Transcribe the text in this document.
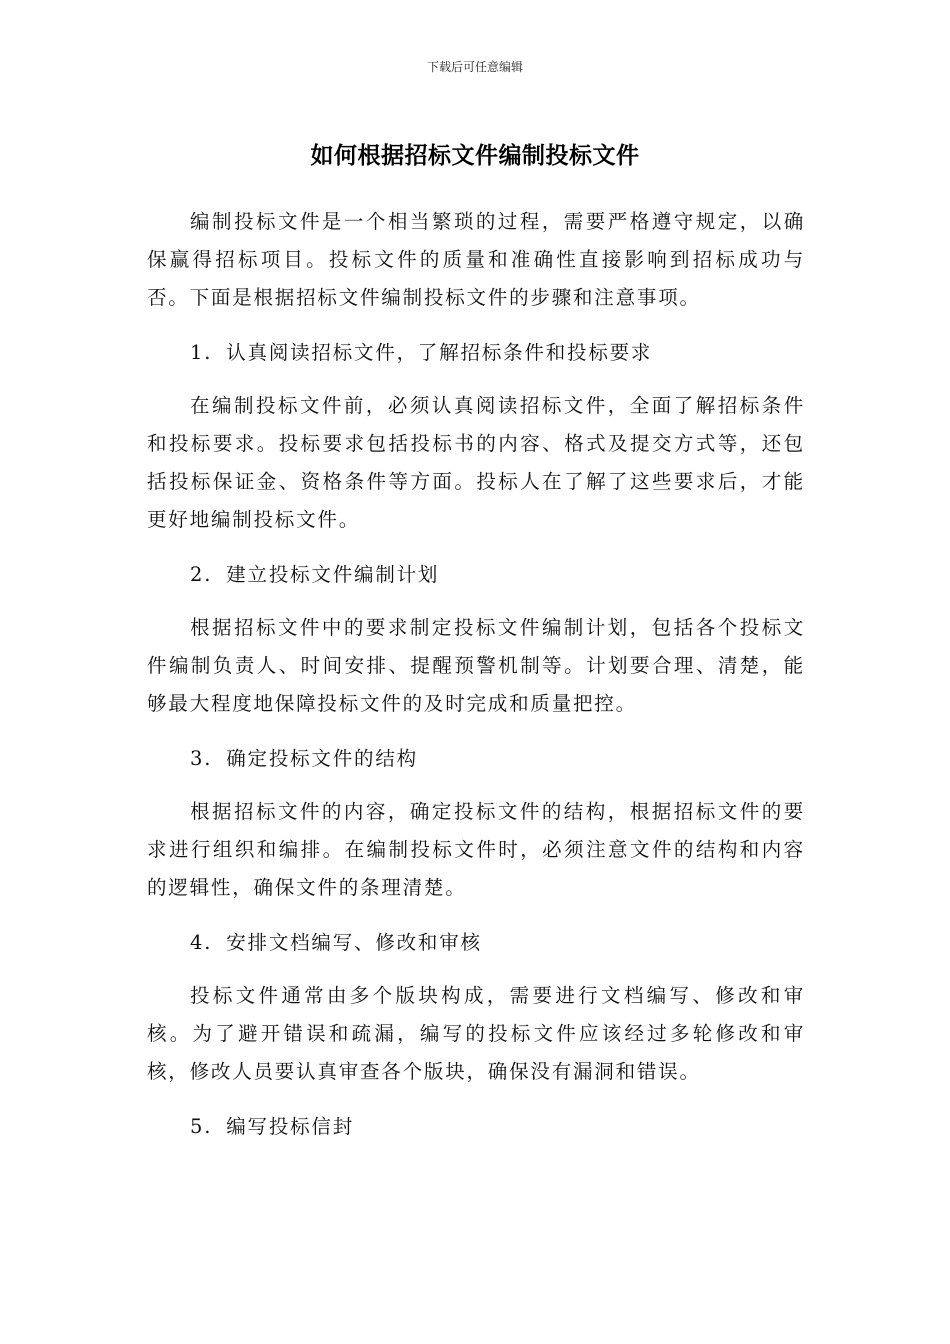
下载后可任意编辑
如何根据招标文件编制投标文件

编制投标文件是一个相当繁琐的过程，需要严格遵守规定，以确保赢得招标项目。投标文件的质量和准确性直接影响到招标成功与否。下面是根据招标文件编制投标文件的步骤和注意事项。

1. 认真阅读招标文件，了解招标条件和投标要求

在编制投标文件前，必须认真阅读招标文件，全面了解招标条件和投标要求。投标要求包括投标书的内容、格式及提交方式等，还包括投标保证金、资格条件等方面。投标人在了解了这些要求后，才能更好地编制投标文件。

2. 建立投标文件编制计划

根据招标文件中的要求制定投标文件编制计划，包括各个投标文件编制负责人、时间安排、提醒预警机制等。计划要合理、清楚，能够最大程度地保障投标文件的及时完成和质量把控。

3. 确定投标文件的结构

根据招标文件的内容，确定投标文件的结构，根据招标文件的要求进行组织和编排。在编制投标文件时，必须注意文件的结构和内容的逻辑性，确保文件的条理清楚。

4. 安排文档编写、修改和审核

投标文件通常由多个版块构成，需要进行文档编写、修改和审核。为了避开错误和疏漏，编写的投标文件应该经过多轮修改和审核，修改人员要认真审查各个版块，确保没有漏洞和错误。

5. 编写投标信封
